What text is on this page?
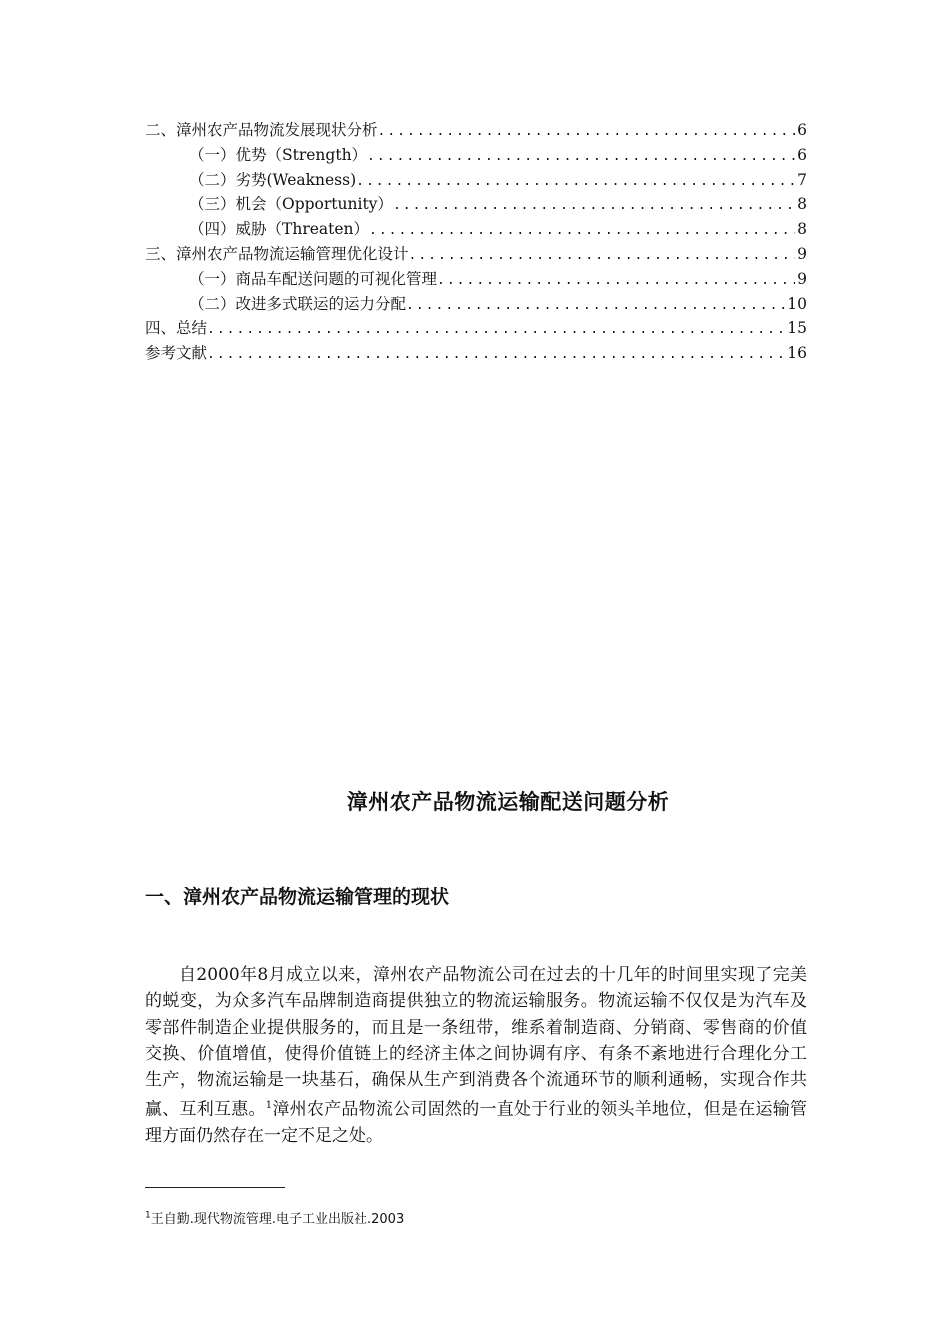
二、漳州农产品物流发展现状分析 .....	6
（一）优势（Strength） .....	6
（二）劣势(Weakness) .....	7
（三）机会（Opportunity） .....	8
（四）威胁（Threaten） .....	8
三、漳州农产品物流运输管理优化设计 .....	9
（一）商品车配送问题的可视化管理 .....	9
（二）改进多式联运的运力分配 .....	10
四、总结 .....	15
参考文献 .....	16
漳州农产品物流运输配送问题分析
一、漳州农产品物流运输管理的现状

自2000年8月成立以来，漳州农产品物流公司在过去的十几年的时间里实现了完美的蜕变，为众多汽车品牌制造商提供独立的物流运输服务。物流运输不仅仅是为汽车及零部件制造企业提供服务的，而且是一条纽带，维系着制造商、分销商、零售商的价值交换、价值增值，使得价值链上的经济主体之间协调有序、有条不紊地进行合理化分工生产，物流运输是一块基石，确保从生产到消费各个流通环节的顺利通畅，实现合作共赢、互利互惠。$^1$漳州农产品物流公司固然的一直处于行业的领头羊地位，但是在运输管理方面仍然存在一定不足之处。

$^1$王自勤.现代物流管理.电子工业出版社.2003
